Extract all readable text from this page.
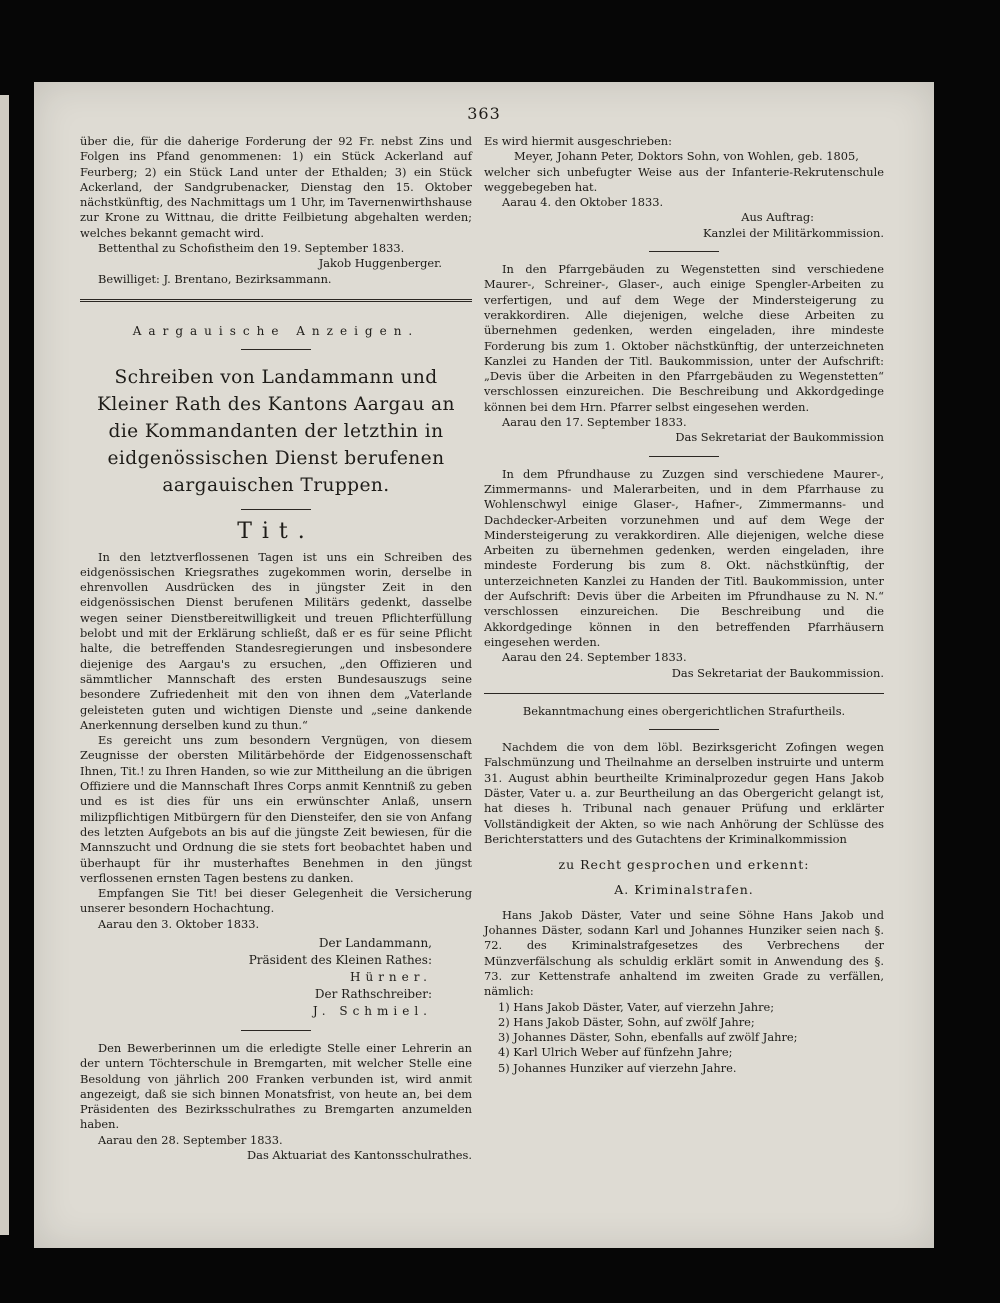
363

über die, für die daherige Forderung der 92 Fr. nebst Zins und Folgen ins Pfand genommenen: 1) ein Stück Ackerland auf Feurberg; 2) ein Stück Land unter der Ethalden; 3) ein Stück Ackerland, der Sandgrubenacker, Dienstag den 15. Oktober nächstkünftig, des Nachmittags um 1 Uhr, im Tavernenwirthshause zur Krone zu Wittnau, die dritte Feilbietung abgehalten werden; welches bekannt gemacht wird.

Bettenthal zu Schofistheim den 19. September 1833.

Jakob Huggenberger.

Bewilliget: J. Brentano, Bezirksammann.

Aargauische Anzeigen.
Schreiben von Landammann und Kleiner Rath des Kantons Aargau an die Kommandanten der letzthin in eidgenössischen Dienst berufenen aargauischen Truppen.
Tit.

In den letztverflossenen Tagen ist uns ein Schreiben des eidgenössischen Kriegsrathes zugekommen worin, derselbe in ehrenvollen Ausdrücken des in jüngster Zeit in den eidgenössischen Dienst berufenen Militärs gedenkt, dasselbe wegen seiner Dienstbereitwilligkeit und treuen Pflichterfüllung belobt und mit der Erklärung schließt, daß er es für seine Pflicht halte, die betreffenden Standesregierungen und insbesondere diejenige des Aargau's zu ersuchen, „den Offizieren und sämmtlicher Mannschaft des ersten Bundesauszugs seine besondere Zufriedenheit mit den von ihnen dem „Vaterlande geleisteten guten und wichtigen Dienste und „seine dankende Anerkennung derselben kund zu thun.“

Es gereicht uns zum besondern Vergnügen, von diesem Zeugnisse der obersten Militärbehörde der Eidgenossenschaft Ihnen, Tit.! zu Ihren Handen, so wie zur Mittheilung an die übrigen Offiziere und die Mannschaft Ihres Corps anmit Kenntniß zu geben und es ist dies für uns ein erwünschter Anlaß, unsern milizpflichtigen Mitbürgern für den Diensteifer, den sie von Anfang des letzten Aufgebots an bis auf die jüngste Zeit bewiesen, für die Mannszucht und Ordnung die sie stets fort beobachtet haben und überhaupt für ihr musterhaftes Benehmen in den jüngst verflossenen ernsten Tagen bestens zu danken.

Empfangen Sie Tit! bei dieser Gelegenheit die Versicherung unserer besondern Hochachtung.

Aarau den 3. Oktober 1833.

Der Landammann,
Präsident des Kleinen Rathes:
Hürner.
Der Rathschreiber:
J. Schmiel.

Den Bewerberinnen um die erledigte Stelle einer Lehrerin an der untern Töchterschule in Bremgarten, mit welcher Stelle eine Besoldung von jährlich 200 Franken verbunden ist, wird anmit angezeigt, daß sie sich binnen Monatsfrist, von heute an, bei dem Präsidenten des Bezirksschulrathes zu Bremgarten anzumelden haben.

Aarau den 28. September 1833.

Das Aktuariat des Kantonsschulrathes.

Es wird hiermit ausgeschrieben:

Meyer, Johann Peter, Doktors Sohn, von Wohlen, geb. 1805,

welcher sich unbefugter Weise aus der Infanterie-Rekrutenschule weggebegeben hat.

Aarau 4. den Oktober 1833.

Aus Auftrag:

Kanzlei der Militärkommission.

In den Pfarrgebäuden zu Wegenstetten sind verschiedene Maurer-, Schreiner-, Glaser-, auch einige Spengler-Arbeiten zu verfertigen, und auf dem Wege der Mindersteigerung zu verakkordiren. Alle diejenigen, welche diese Arbeiten zu übernehmen gedenken, werden eingeladen, ihre mindeste Forderung bis zum 1. Oktober nächstkünftig, der unterzeichneten Kanzlei zu Handen der Titl. Baukommission, unter der Aufschrift: „Devis über die Arbeiten in den Pfarrgebäuden zu Wegenstetten“ verschlossen einzureichen. Die Beschreibung und Akkordgedinge können bei dem Hrn. Pfarrer selbst eingesehen werden.

Aarau den 17. September 1833.

Das Sekretariat der Baukommission

In dem Pfrundhause zu Zuzgen sind verschiedene Maurer-, Zimmermanns- und Malerarbeiten, und in dem Pfarrhause zu Wohlenschwyl einige Glaser-, Hafner-, Zimmermanns- und Dachdecker-Arbeiten vorzunehmen und auf dem Wege der Mindersteigerung zu verakkordiren. Alle diejenigen, welche diese Arbeiten zu übernehmen gedenken, werden eingeladen, ihre mindeste Forderung bis zum 8. Okt. nächstkünftig, der unterzeichneten Kanzlei zu Handen der Titl. Baukommission, unter der Aufschrift: Devis über die Arbeiten im Pfrundhause zu N. N.“ verschlossen einzureichen. Die Beschreibung und die Akkordgedinge können in den betreffenden Pfarrhäusern eingesehen werden.

Aarau den 24. September 1833.

Das Sekretariat der Baukommission.

Bekanntmachung eines obergerichtlichen Strafurtheils.

Nachdem die von dem löbl. Bezirksgericht Zofingen wegen Falschmünzung und Theilnahme an derselben instruirte und unterm 31. August abhin beurtheilte Kriminalprozedur gegen Hans Jakob Däster, Vater u. a. zur Beurtheilung an das Obergericht gelangt ist, hat dieses h. Tribunal nach genauer Prüfung und erklärter Vollständigkeit der Akten, so wie nach Anhörung der Schlüsse des Berichterstatters und des Gutachtens der Kriminalkommission

zu Recht gesprochen und erkennt:
A. Kriminalstrafen.

Hans Jakob Däster, Vater und seine Söhne Hans Jakob und Johannes Däster, sodann Karl und Johannes Hunziker seien nach §. 72. des Kriminalstrafgesetzes des Verbrechens der Münzverfälschung als schuldig erklärt somit in Anwendung des §. 73. zur Kettenstrafe anhaltend im zweiten Grade zu verfällen, nämlich:

1) Hans Jakob Däster, Vater, auf vierzehn Jahre;

2) Hans Jakob Däster, Sohn, auf zwölf Jahre;

3) Johannes Däster, Sohn, ebenfalls auf zwölf Jahre;

4) Karl Ulrich Weber auf fünfzehn Jahre;

5) Johannes Hunziker auf vierzehn Jahre.
